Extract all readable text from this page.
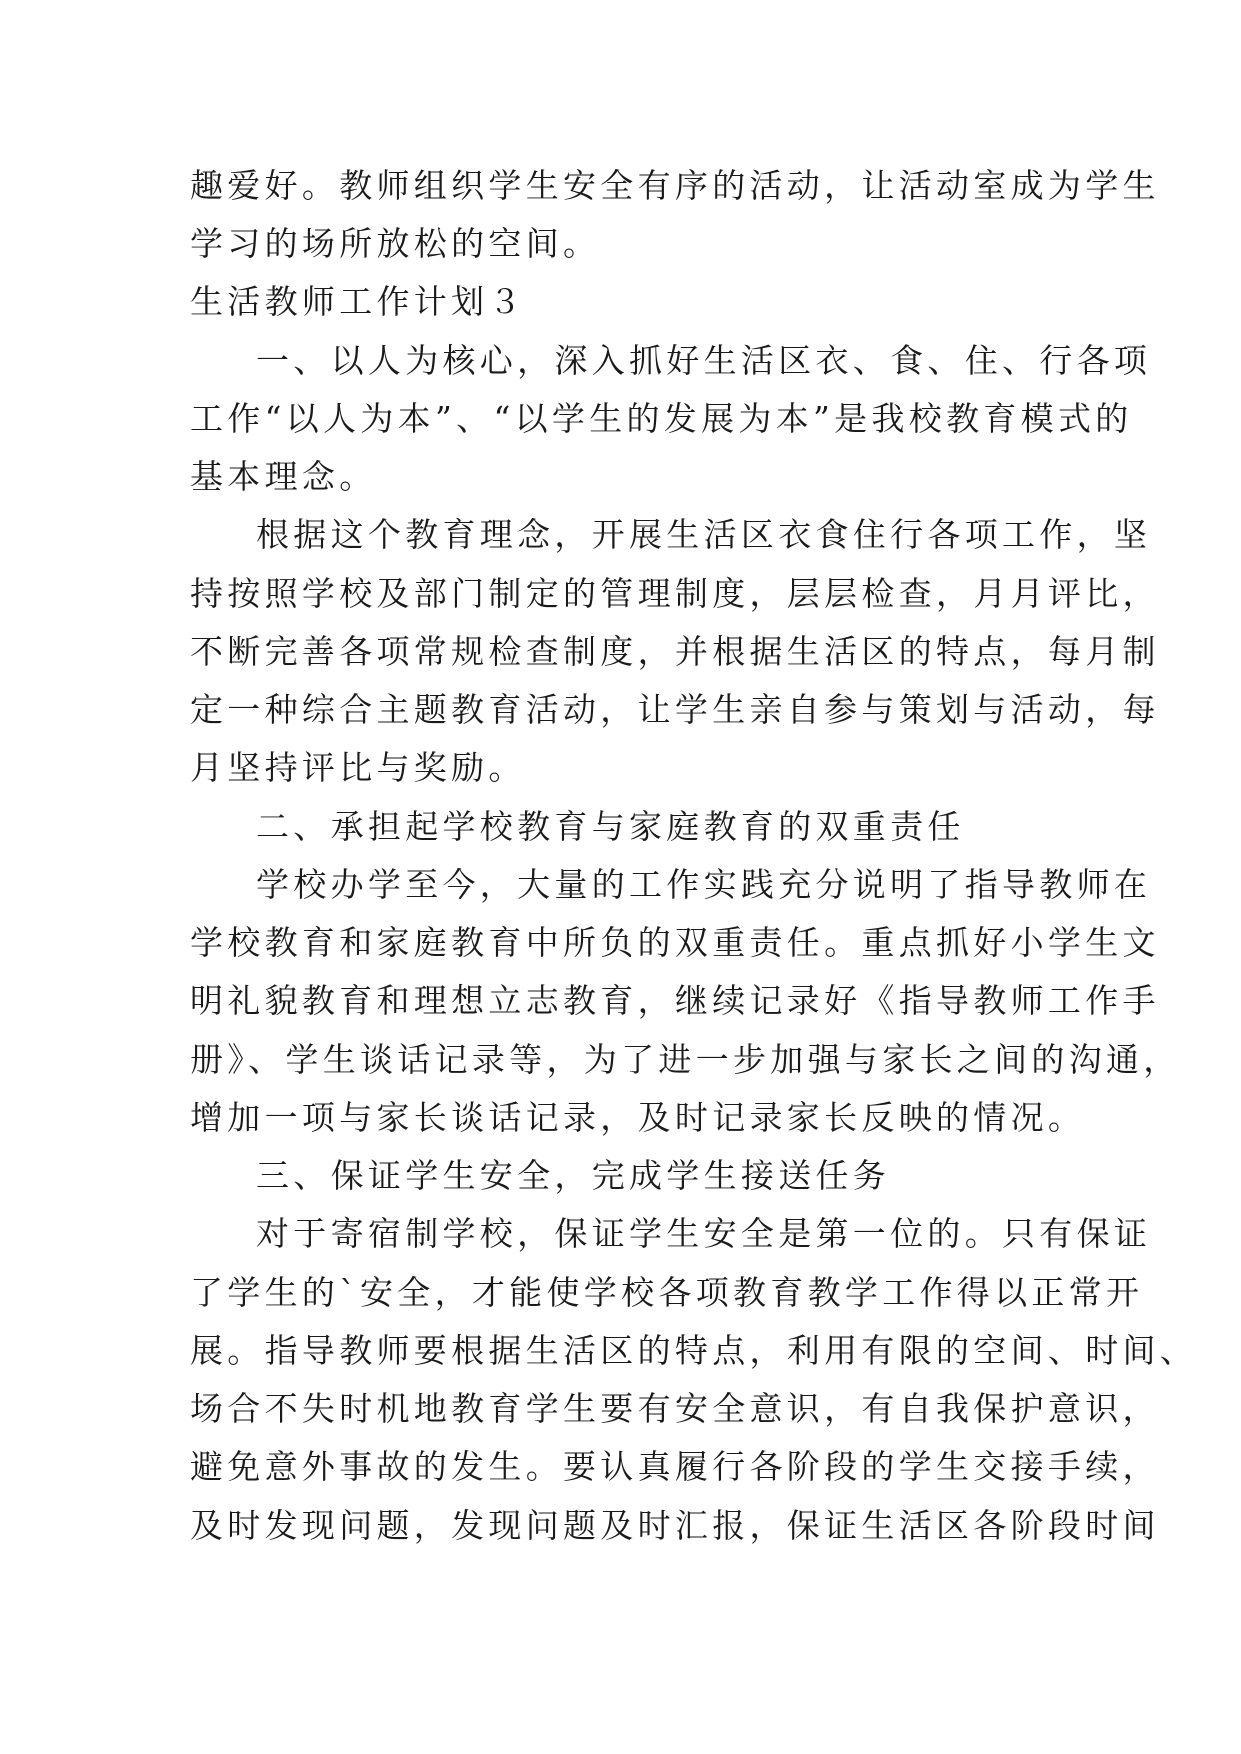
趣爱好。教师组织学生安全有序的活动，让活动室成为学生
学习的场所放松的空间。
生活教师工作计划３
一、以人为核心，深入抓好生活区衣、食、住、行各项
工作“以人为本”、“以学生的发展为本”是我校教育模式的
基本理念。
根据这个教育理念，开展生活区衣食住行各项工作，坚
持按照学校及部门制定的管理制度，层层检查，月月评比，
不断完善各项常规检查制度，并根据生活区的特点，每月制
定一种综合主题教育活动，让学生亲自参与策划与活动，每
月坚持评比与奖励。
二、承担起学校教育与家庭教育的双重责任
学校办学至今，大量的工作实践充分说明了指导教师在
学校教育和家庭教育中所负的双重责任。重点抓好小学生文
明礼貌教育和理想立志教育，继续记录好《指导教师工作手
册》、学生谈话记录等，为了进一步加强与家长之间的沟通，
增加一项与家长谈话记录，及时记录家长反映的情况。
三、保证学生安全，完成学生接送任务
对于寄宿制学校，保证学生安全是第一位的。只有保证
了学生的`安全，才能使学校各项教育教学工作得以正常开
展。指导教师要根据生活区的特点，利用有限的空间、时间、
场合不失时机地教育学生要有安全意识，有自我保护意识，
避免意外事故的发生。要认真履行各阶段的学生交接手续，
及时发现问题，发现问题及时汇报，保证生活区各阶段时间
